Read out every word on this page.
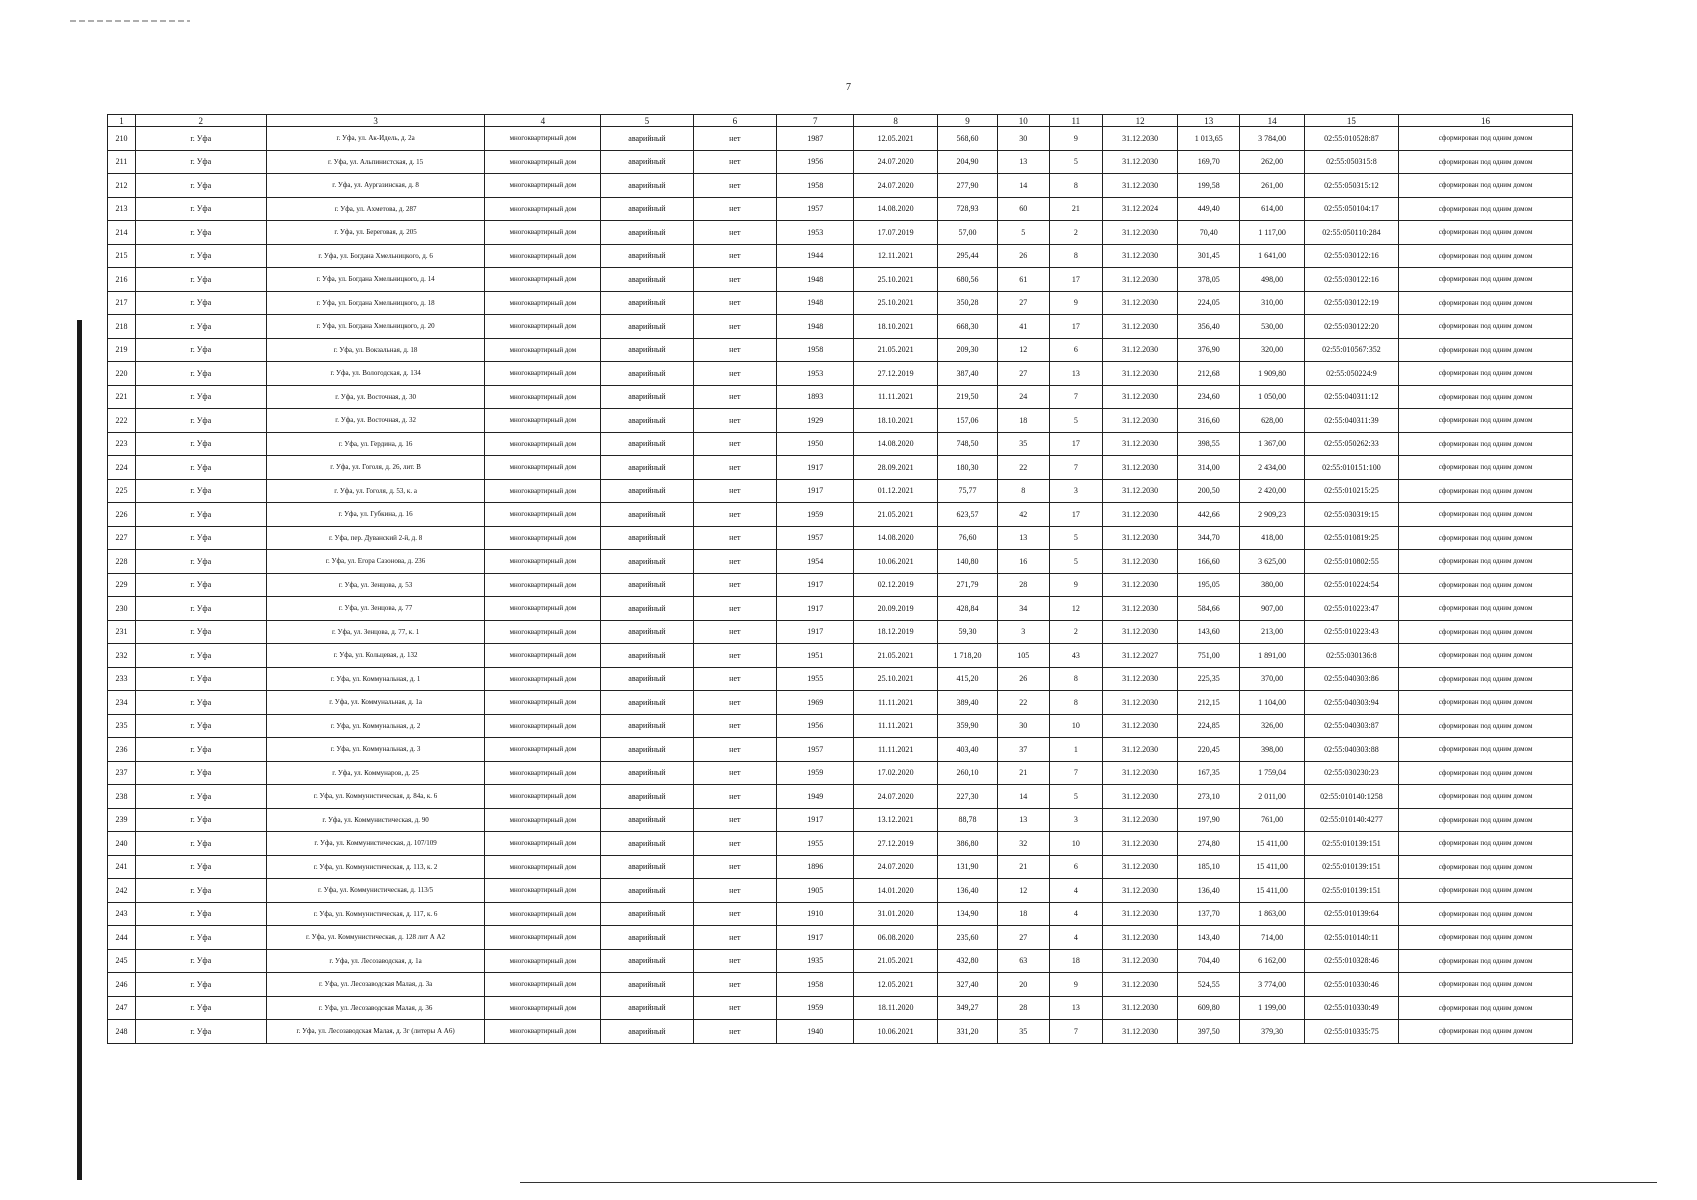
7
1	2	3	4	5	6	7	8	9	10	11	12	13	14	15	16
210	г. Уфа	г. Уфа, ул. Ак-Идель, д. 2а	многоквартирный дом	аварийный	нет	1987	12.05.2021	568,60	30	9	31.12.2030	1 013,65	3 784,00	02:55:010528:87	сформирован под одним домом
211	г. Уфа	г. Уфа, ул. Альпинистская, д. 15	многоквартирный дом	аварийный	нет	1956	24.07.2020	204,90	13	5	31.12.2030	169,70	262,00	02:55:050315:8	сформирован под одним домом
212	г. Уфа	г. Уфа, ул. Аургазинская, д. 8	многоквартирный дом	аварийный	нет	1958	24.07.2020	277,90	14	8	31.12.2030	199,58	261,00	02:55:050315:12	сформирован под одним домом
213	г. Уфа	г. Уфа, ул. Ахметова, д. 287	многоквартирный дом	аварийный	нет	1957	14.08.2020	728,93	60	21	31.12.2024	449,40	614,00	02:55:050104:17	сформирован под одним домом
214	г. Уфа	г. Уфа, ул. Береговая, д. 205	многоквартирный дом	аварийный	нет	1953	17.07.2019	57,00	5	2	31.12.2030	70,40	1 117,00	02:55:050110:284	сформирован под одним домом
215	г. Уфа	г. Уфа, ул. Богдана Хмельницкого, д. 6	многоквартирный дом	аварийный	нет	1944	12.11.2021	295,44	26	8	31.12.2030	301,45	1 641,00	02:55:030122:16	сформирован под одним домом
216	г. Уфа	г. Уфа, ул. Богдана Хмельницкого, д. 14	многоквартирный дом	аварийный	нет	1948	25.10.2021	680,56	61	17	31.12.2030	378,05	498,00	02:55:030122:16	сформирован под одним домом
217	г. Уфа	г. Уфа, ул. Богдана Хмельницкого, д. 18	многоквартирный дом	аварийный	нет	1948	25.10.2021	350,28	27	9	31.12.2030	224,05	310,00	02:55:030122:19	сформирован под одним домом
218	г. Уфа	г. Уфа, ул. Богдана Хмельницкого, д. 20	многоквартирный дом	аварийный	нет	1948	18.10.2021	668,30	41	17	31.12.2030	356,40	530,00	02:55:030122:20	сформирован под одним домом
219	г. Уфа	г. Уфа, ул. Вокзальная, д. 18	многоквартирный дом	аварийный	нет	1958	21.05.2021	209,30	12	6	31.12.2030	376,90	320,00	02:55:010567:352	сформирован под одним домом
220	г. Уфа	г. Уфа, ул. Вологодская, д. 134	многоквартирный дом	аварийный	нет	1953	27.12.2019	387,40	27	13	31.12.2030	212,68	1 909,80	02:55:050224:9	сформирован под одним домом
221	г. Уфа	г. Уфа, ул. Восточная, д. 30	многоквартирный дом	аварийный	нет	1893	11.11.2021	219,50	24	7	31.12.2030	234,60	1 050,00	02:55:040311:12	сформирован под одним домом
222	г. Уфа	г. Уфа, ул. Восточная, д. 32	многоквартирный дом	аварийный	нет	1929	18.10.2021	157,06	18	5	31.12.2030	316,60	628,00	02:55:040311:39	сформирован под одним домом
223	г. Уфа	г. Уфа, ул. Гердина, д. 16	многоквартирный дом	аварийный	нет	1950	14.08.2020	748,50	35	17	31.12.2030	398,55	1 367,00	02:55:050262:33	сформирован под одним домом
224	г. Уфа	г. Уфа, ул. Гоголя, д. 26, лит. В	многоквартирный дом	аварийный	нет	1917	28.09.2021	180,30	22	7	31.12.2030	314,00	2 434,00	02:55:010151:100	сформирован под одним домом
225	г. Уфа	г. Уфа, ул. Гоголя, д. 53, к. а	многоквартирный дом	аварийный	нет	1917	01.12.2021	75,77	8	3	31.12.2030	200,50	2 420,00	02:55:010215:25	сформирован под одним домом
226	г. Уфа	г. Уфа, ул. Губкина, д. 16	многоквартирный дом	аварийный	нет	1959	21.05.2021	623,57	42	17	31.12.2030	442,66	2 909,23	02:55:030319:15	сформирован под одним домом
227	г. Уфа	г. Уфа, пер. Дуванский 2-й, д. 8	многоквартирный дом	аварийный	нет	1957	14.08.2020	76,60	13	5	31.12.2030	344,70	418,00	02:55:010819:25	сформирован под одним домом
228	г. Уфа	г. Уфа, ул. Егора Сазонова, д. 236	многоквартирный дом	аварийный	нет	1954	10.06.2021	140,80	16	5	31.12.2030	166,60	3 625,00	02:55:010802:55	сформирован под одним домом
229	г. Уфа	г. Уфа, ул. Зенцова, д. 53	многоквартирный дом	аварийный	нет	1917	02.12.2019	271,79	28	9	31.12.2030	195,05	380,00	02:55:010224:54	сформирован под одним домом
230	г. Уфа	г. Уфа, ул. Зенцова, д. 77	многоквартирный дом	аварийный	нет	1917	20.09.2019	428,84	34	12	31.12.2030	584,66	907,00	02:55:010223:47	сформирован под одним домом
231	г. Уфа	г. Уфа, ул. Зенцова, д. 77, к. 1	многоквартирный дом	аварийный	нет	1917	18.12.2019	59,30	3	2	31.12.2030	143,60	213,00	02:55:010223:43	сформирован под одним домом
232	г. Уфа	г. Уфа, ул. Кольцевая, д. 132	многоквартирный дом	аварийный	нет	1951	21.05.2021	1 718,20	105	43	31.12.2027	751,00	1 891,00	02:55:030136:8	сформирован под одним домом
233	г. Уфа	г. Уфа, ул. Коммунальная, д. 1	многоквартирный дом	аварийный	нет	1955	25.10.2021	415,20	26	8	31.12.2030	225,35	370,00	02:55:040303:86	сформирован под одним домом
234	г. Уфа	г. Уфа, ул. Коммунальная, д. 1а	многоквартирный дом	аварийный	нет	1969	11.11.2021	389,40	22	8	31.12.2030	212,15	1 104,00	02:55:040303:94	сформирован под одним домом
235	г. Уфа	г. Уфа, ул. Коммунальная, д. 2	многоквартирный дом	аварийный	нет	1956	11.11.2021	359,90	30	10	31.12.2030	224,85	326,00	02:55:040303:87	сформирован под одним домом
236	г. Уфа	г. Уфа, ул. Коммунальная, д. 3	многоквартирный дом	аварийный	нет	1957	11.11.2021	403,40	37	1	31.12.2030	220,45	398,00	02:55:040303:88	сформирован под одним домом
237	г. Уфа	г. Уфа, ул. Коммунаров, д. 25	многоквартирный дом	аварийный	нет	1959	17.02.2020	260,10	21	7	31.12.2030	167,35	1 759,04	02:55:030230:23	сформирован под одним домом
238	г. Уфа	г. Уфа, ул. Коммунистическая, д. 84а, к. 6	многоквартирный дом	аварийный	нет	1949	24.07.2020	227,30	14	5	31.12.2030	273,10	2 011,00	02:55:010140:1258	сформирован под одним домом
239	г. Уфа	г. Уфа, ул. Коммунистическая, д. 90	многоквартирный дом	аварийный	нет	1917	13.12.2021	88,78	13	3	31.12.2030	197,90	761,00	02:55:010140:4277	сформирован под одним домом
240	г. Уфа	г. Уфа, ул. Коммунистическая, д. 107/109	многоквартирный дом	аварийный	нет	1955	27.12.2019	386,80	32	10	31.12.2030	274,80	15 411,00	02:55:010139:151	сформирован под одним домом
241	г. Уфа	г. Уфа, ул. Коммунистическая, д. 113, к. 2	многоквартирный дом	аварийный	нет	1896	24.07.2020	131,90	21	6	31.12.2030	185,10	15 411,00	02:55:010139:151	сформирован под одним домом
242	г. Уфа	г. Уфа, ул. Коммунистическая, д. 113/5	многоквартирный дом	аварийный	нет	1905	14.01.2020	136,40	12	4	31.12.2030	136,40	15 411,00	02:55:010139:151	сформирован под одним домом
243	г. Уфа	г. Уфа, ул. Коммунистическая, д. 117, к. 6	многоквартирный дом	аварийный	нет	1910	31.01.2020	134,90	18	4	31.12.2030	137,70	1 863,00	02:55:010139:64	сформирован под одним домом
244	г. Уфа	г. Уфа, ул. Коммунистическая, д. 128 лит А А2	многоквартирный дом	аварийный	нет	1917	06.08.2020	235,60	27	4	31.12.2030	143,40	714,00	02:55:010140:11	сформирован под одним домом
245	г. Уфа	г. Уфа, ул. Лесозаводская, д. 1а	многоквартирный дом	аварийный	нет	1935	21.05.2021	432,80	63	18	31.12.2030	704,40	6 162,00	02:55:010328:46	сформирован под одним домом
246	г. Уфа	г. Уфа, ул. Лесозаводская Малая, д. 3а	многоквартирный дом	аварийный	нет	1958	12.05.2021	327,40	20	9	31.12.2030	524,55	3 774,00	02:55:010330:46	сформирован под одним домом
247	г. Уфа	г. Уфа, ул. Лесозаводская Малая, д. 36	многоквартирный дом	аварийный	нет	1959	18.11.2020	349,27	28	13	31.12.2030	609,80	1 199,00	02:55:010330:49	сформирован под одним домом
248	г. Уфа	г. Уфа, ул. Лесозаводская Малая, д. 3г (литеры А А6)	многоквартирный дом	аварийный	нет	1940	10.06.2021	331,20	35	7	31.12.2030	397,50	379,30	02:55:010335:75	сформирован под одним домом
